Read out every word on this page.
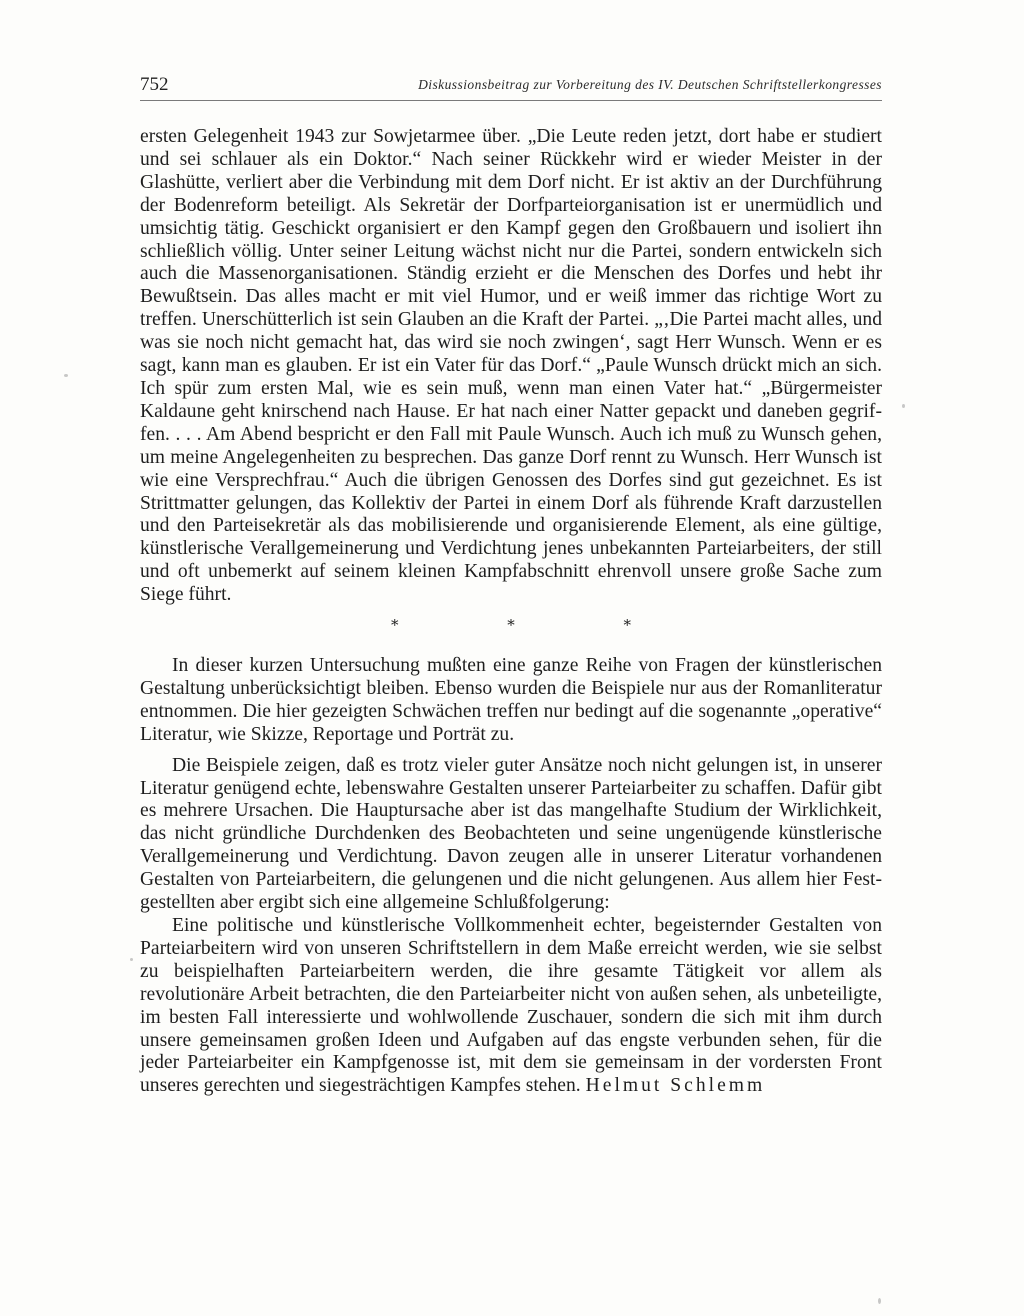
752	Diskussionsbeitrag zur Vorbereitung des IV. Deutschen Schriftstellerkongresses

ersten Gelegenheit 1943 zur Sowjetarmee über. „Die Leute reden jetzt, dort habe er studiert und sei schlauer als ein Doktor.“ Nach seiner Rückkehr wird er wieder Meister in der Glashütte, verliert aber die Verbindung mit dem Dorf nicht. Er ist aktiv an der Durchführung der Bodenreform beteiligt. Als Sekretär der Dorfparteiorganisation ist er unermüdlich und umsichtig tätig. Geschickt organisiert er den Kampf gegen den Großbauern und isoliert ihn schließlich völlig. Unter seiner Leitung wächst nicht nur die Partei, sondern entwickeln sich auch die Massenorganisationen. Ständig erzieht er die Menschen des Dorfes und hebt ihr Bewußtsein. Das alles macht er mit viel Humor, und er weiß immer das richtige Wort zu treffen. Unerschütterlich ist sein Glauben an die Kraft der Partei. „‚Die Partei macht alles, und was sie noch nicht gemacht hat, das wird sie noch zwingen‘, sagt Herr Wunsch. Wenn er es sagt, kann man es glauben. Er ist ein Vater für das Dorf.“ „Paule Wunsch drückt mich an sich. Ich spür zum ersten Mal, wie es sein muß, wenn man einen Vater hat.“ „Bürgermeister Kaldaune geht knirschend nach Hause. Er hat nach einer Natter gepackt und daneben gegriffen. . . . Am Abend bespricht er den Fall mit Paule Wunsch. Auch ich muß zu Wunsch gehen, um meine Angelegenheiten zu besprechen. Das ganze Dorf rennt zu Wunsch. Herr Wunsch ist wie eine Versprechfrau.“ Auch die übrigen Genossen des Dorfes sind gut gezeichnet. Es ist Strittmatter gelungen, das Kollektiv der Partei in einem Dorf als führende Kraft darzustellen und den Parteisekretär als das mobilisierende und organisierende Element, als eine gültige, künstlerische Verallgemeinerung und Verdichtung jenes unbekannten Parteiarbeiters, der still und oft unbemerkt auf seinem kleinen Kampfabschnitt ehrenvoll unsere große Sache zum Siege führt.

* * *

In dieser kurzen Untersuchung mußten eine ganze Reihe von Fragen der künstlerischen Gestaltung unberücksichtigt bleiben. Ebenso wurden die Beispiele nur aus der Romanliteratur entnommen. Die hier gezeigten Schwächen treffen nur bedingt auf die sogenannte „operative“ Literatur, wie Skizze, Reportage und Porträt zu.

Die Beispiele zeigen, daß es trotz vieler guter Ansätze noch nicht gelungen ist, in unserer Literatur genügend echte, lebenswahre Gestalten unserer Parteiarbeiter zu schaffen. Dafür gibt es mehrere Ursachen. Die Hauptursache aber ist das mangelhafte Studium der Wirklichkeit, das nicht gründliche Durchdenken des Beobachteten und seine ungenügende künstlerische Verallgemeinerung und Verdichtung. Davon zeugen alle in unserer Literatur vorhandenen Gestalten von Parteiarbeitern, die gelungenen und die nicht gelungenen. Aus allem hier Festgestellten aber ergibt sich eine allgemeine Schlußfolgerung:

Eine politische und künstlerische Vollkommenheit echter, begeisternder Gestalten von Parteiarbeitern wird von unseren Schriftstellern in dem Maße erreicht werden, wie sie selbst zu beispielhaften Parteiarbeitern werden, die ihre gesamte Tätigkeit vor allem als revolutionäre Arbeit betrachten, die den Parteiarbeiter nicht von außen sehen, als unbeteiligte, im besten Fall interessierte und wohlwollende Zuschauer, sondern die sich mit ihm durch unsere gemeinsamen großen Ideen und Aufgaben auf das engste verbunden sehen, für die jeder Parteiarbeiter ein Kampfgenosse ist, mit dem sie gemeinsam in der vordersten Front unseres gerechten und siegesträchtigen Kampfes stehen. Helmut Schlemm
